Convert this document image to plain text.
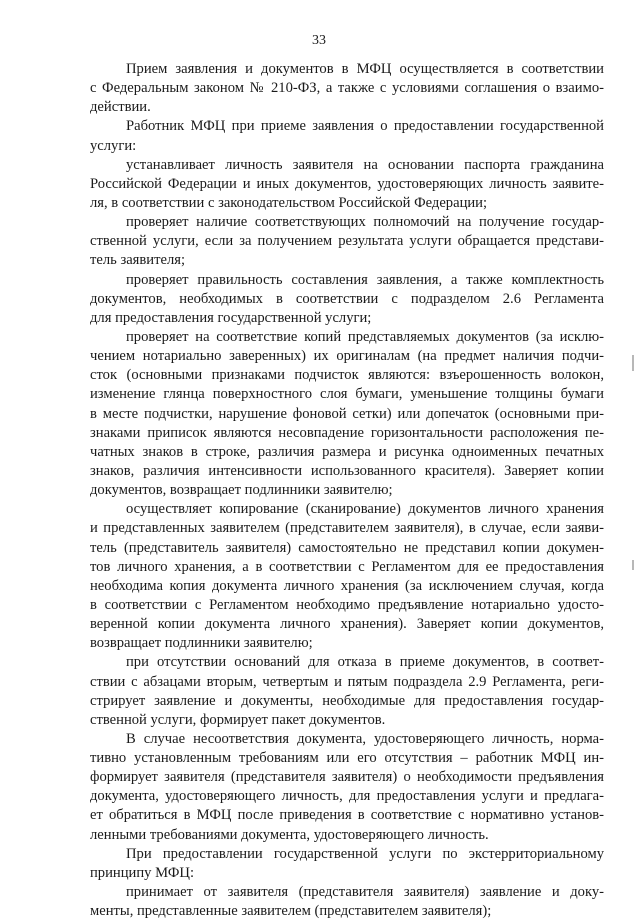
33
Прием заявления и документов в МФЦ осуществляется в соответствии
с Федеральным законом № 210-ФЗ, а также с условиями соглашения о взаимо-
действии.
Работник МФЦ при приеме заявления о предоставлении государственной
услуги:
устанавливает личность заявителя на основании паспорта гражданина
Российской Федерации и иных документов, удостоверяющих личность заявите-
ля, в соответствии с законодательством Российской Федерации;
проверяет наличие соответствующих полномочий на получение государ-
ственной услуги, если за получением результата услуги обращается представи-
тель заявителя;
проверяет правильность составления заявления, а также комплектность
документов, необходимых в соответствии с подразделом 2.6 Регламента
для предоставления государственной услуги;
проверяет на соответствие копий представляемых документов (за исклю-
чением нотариально заверенных) их оригиналам (на предмет наличия подчи-
сток (основными признаками подчисток являются: взъерошенность волокон,
изменение глянца поверхностного слоя бумаги, уменьшение толщины бумаги
в месте подчистки, нарушение фоновой сетки) или допечаток (основными при-
знаками приписок являются несовпадение горизонтальности расположения пе-
чатных знаков в строке, различия размера и рисунка одноименных печатных
знаков, различия интенсивности использованного красителя). Заверяет копии
документов, возвращает подлинники заявителю;
осуществляет копирование (сканирование) документов личного хранения
и представленных заявителем (представителем заявителя), в случае, если заяви-
тель (представитель заявителя) самостоятельно не представил копии докумен-
тов личного хранения, а в соответствии с Регламентом для ее предоставления
необходима копия документа личного хранения (за исключением случая, когда
в соответствии с Регламентом необходимо предъявление нотариально удосто-
веренной копии документа личного хранения). Заверяет копии документов,
возвращает подлинники заявителю;
при отсутствии оснований для отказа в приеме документов, в соответ-
ствии с абзацами вторым, четвертым и пятым подраздела 2.9 Регламента, реги-
стрирует заявление и документы, необходимые для предоставления государ-
ственной услуги, формирует пакет документов.
В случае несоответствия документа, удостоверяющего личность, норма-
тивно установленным требованиям или его отсутствия – работник МФЦ ин-
формирует заявителя (представителя заявителя) о необходимости предъявления
документа, удостоверяющего личность, для предоставления услуги и предлага-
ет обратиться в МФЦ после приведения в соответствие с нормативно установ-
ленными требованиями документа, удостоверяющего личность.
При предоставлении государственной услуги по экстерриториальному
принципу МФЦ:
принимает от заявителя (представителя заявителя) заявление и доку-
менты, представленные заявителем (представителем заявителя);
